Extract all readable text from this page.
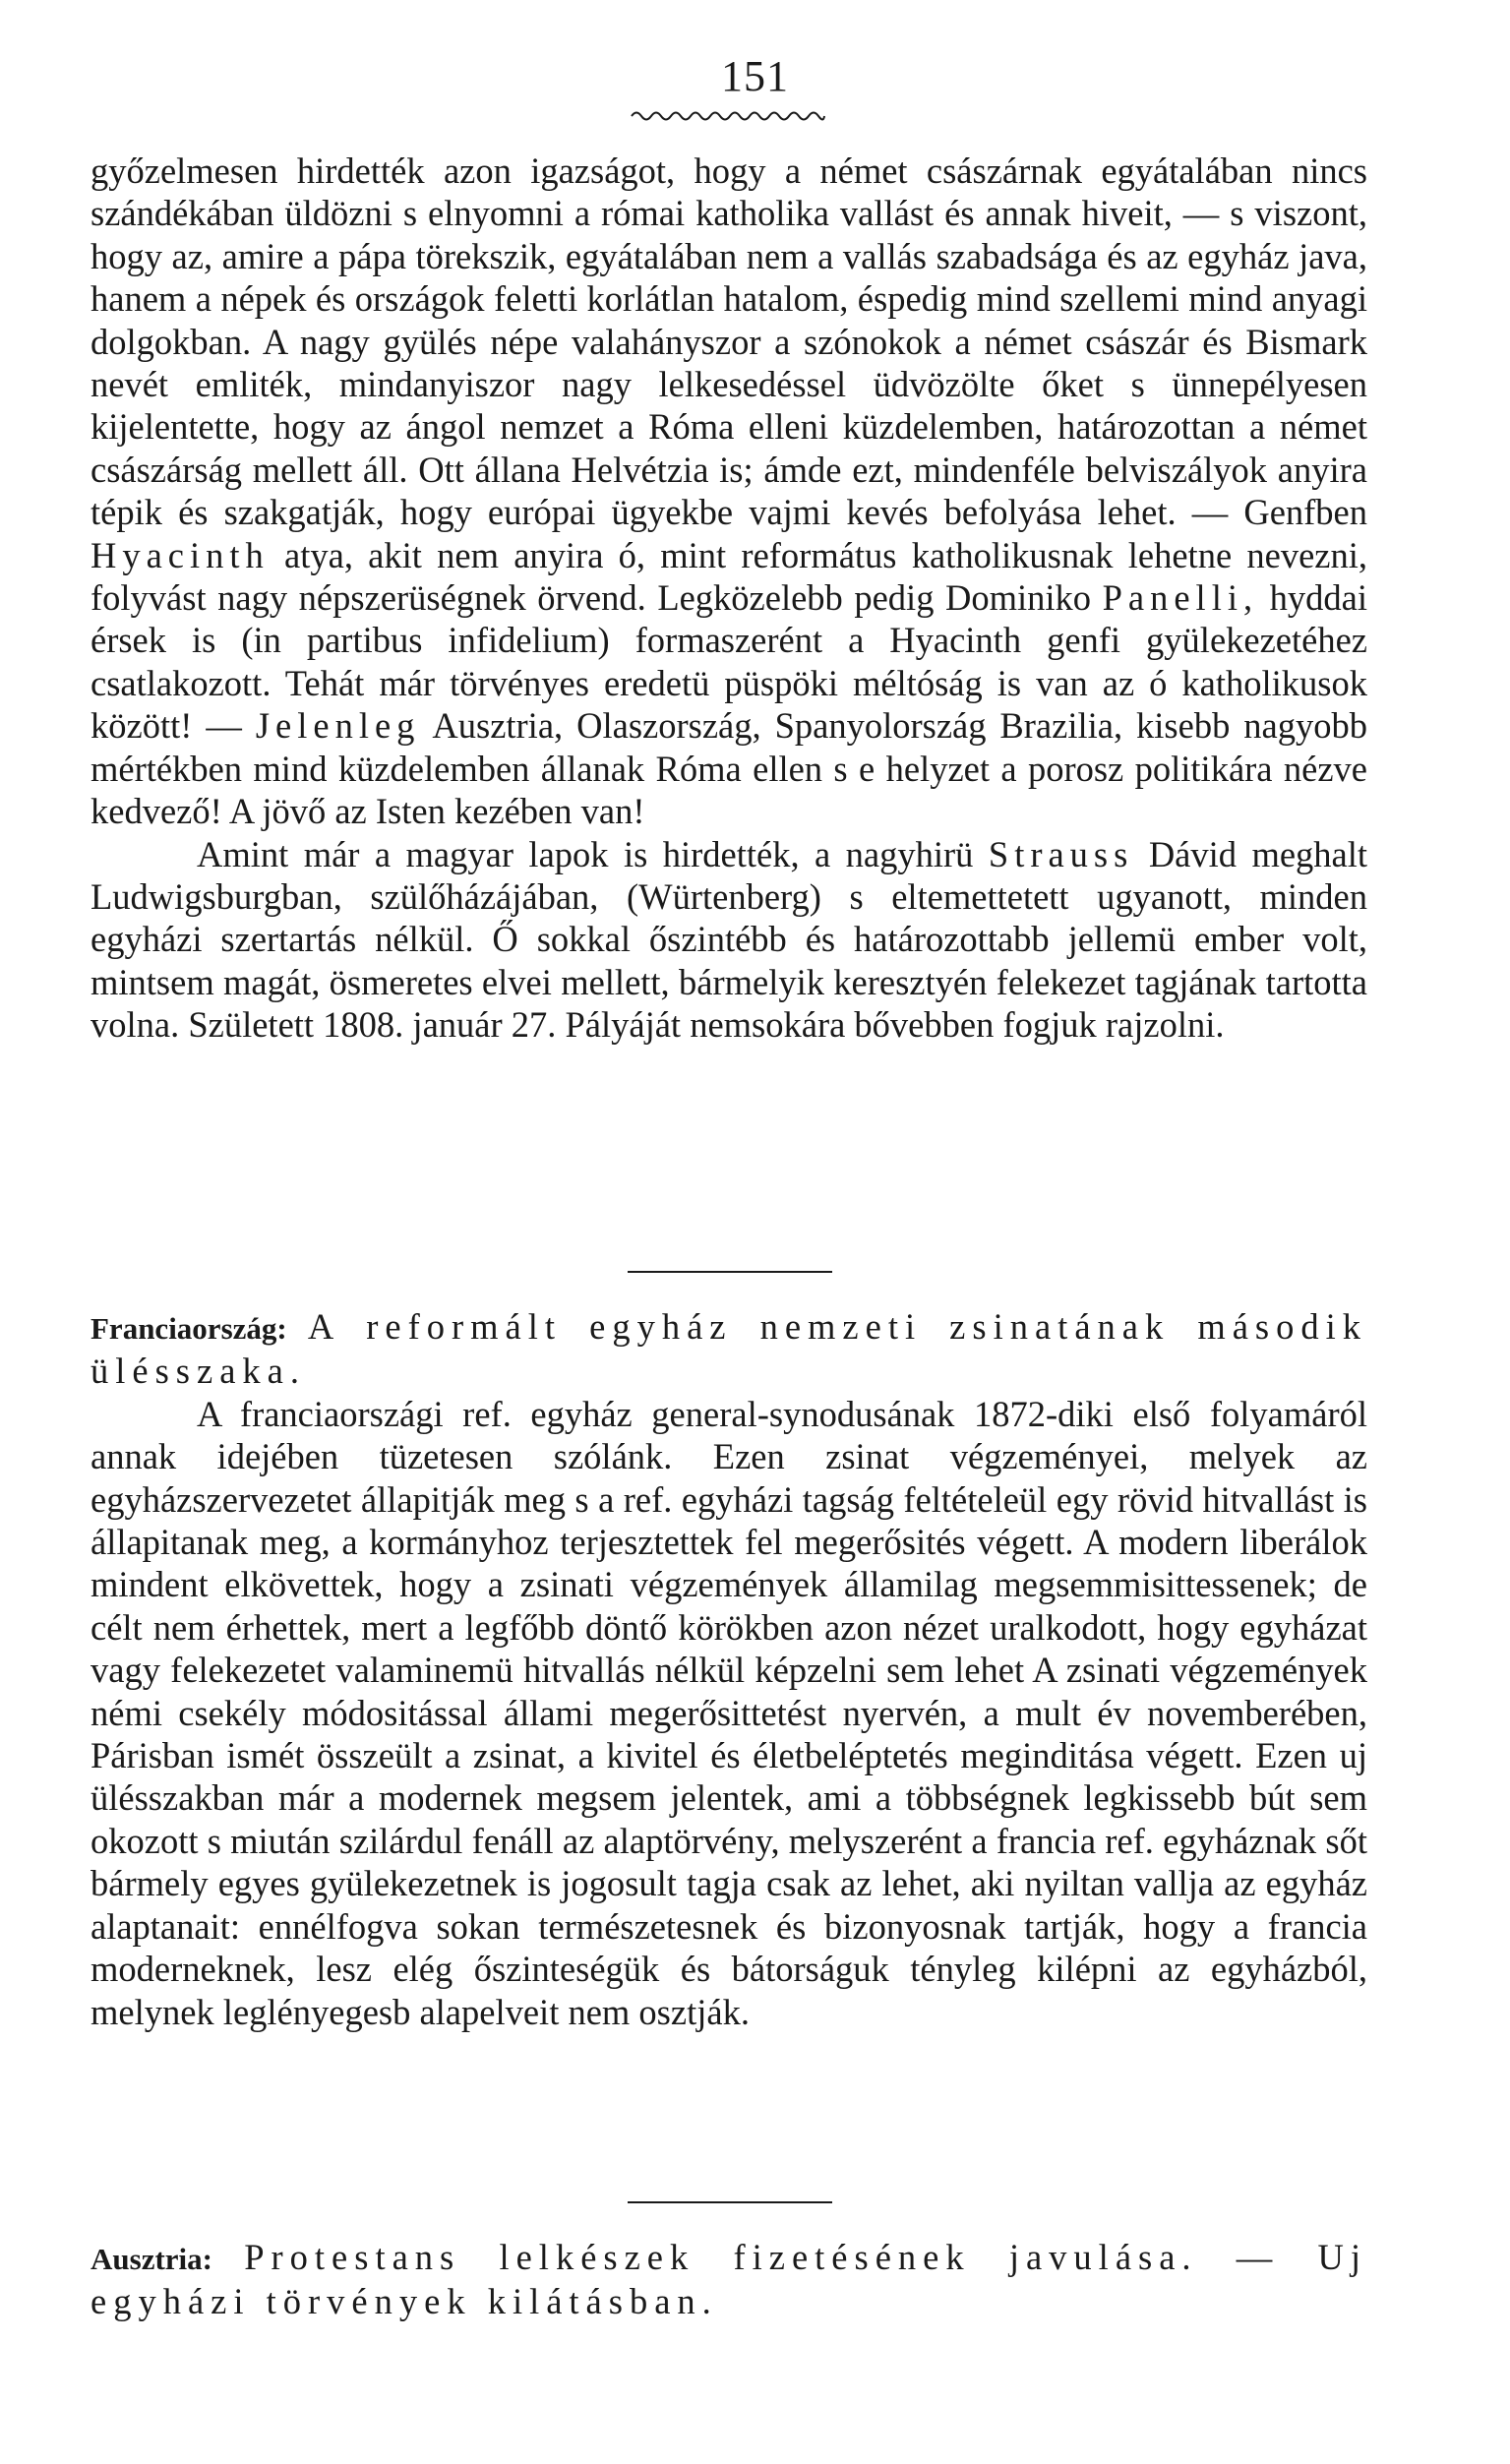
151

győzelmesen hirdették azon igazságot, hogy a német császárnak egyátalában nincs szándékában üldözni s elnyomni a római katholika vallást és annak hiveit, — s viszont, hogy az, amire a pápa törekszik, egyátalában nem a vallás szabadsága és az egyház java, hanem a népek és országok feletti korlátlan hatalom, éspedig mind szellemi mind anyagi dolgokban. A nagy gyülés népe valahányszor a szónokok a német császár és Bismark nevét emliték, mindanyiszor nagy lelkesedéssel üdvözölte őket s ünnepélyesen kijelentette, hogy az ángol nemzet a Róma elleni küzdelemben, határozottan a német császárság mellett áll. Ott állana Helvétzia is; ámde ezt, mindenféle belviszályok anyira tépik és szakgatják, hogy európai ügyekbe vajmi kevés befolyása lehet. — Genfben Hyacinth atya, akit nem anyira ó, mint református katholikusnak lehetne nevezni, folyvást nagy népszerüségnek örvend. Legközelebb pedig Dominiko Panelli, hyddai érsek is (in partibus infidelium) formaszerént a Hyacinth genfi gyülekezetéhez csatlakozott. Tehát már törvényes eredetü püspöki méltóság is van az ó katholikusok között! — Jelenleg Ausztria, Olaszország, Spanyolország Brazilia, kisebb nagyobb mértékben mind küzdelemben állanak Róma ellen s e helyzet a porosz politikára nézve kedvező! A jövő az Isten kezében van!

Amint már a magyar lapok is hirdették, a nagyhirü Strauss Dávid meghalt Ludwigsburgban, szülőházájában, (Würtenberg) s eltemettetett ugyanott, minden egyházi szertartás nélkül. Ő sokkal őszintébb és határozottabb jellemü ember volt, mintsem magát, ösmeretes elvei mellett, bármelyik keresztyén felekezet tagjának tartotta volna. Született 1808. január 27. Pályáját nemsokára bővebben fogjuk rajzolni.

Franciaország: A reformált egyház nemzeti zsinatának második ülésszaka.

A franciaországi ref. egyház general-synodusának 1872-diki első folyamáról annak idejében tüzetesen szólánk. Ezen zsinat végzeményei, melyek az egyházszervezetet állapitják meg s a ref. egyházi tagság feltételeül egy rövid hitvallást is állapitanak meg, a kormányhoz terjesztettek fel megerősités végett. A modern liberálok mindent elkövettek, hogy a zsinati végzemények államilag megsemmisittessenek; de célt nem érhettek, mert a legfőbb döntő körökben azon nézet uralkodott, hogy egyházat vagy felekezetet valaminemü hitvallás nélkül képzelni sem lehet A zsinati végzemények némi csekély módositással állami megerősittetést nyervén, a mult év novemberében, Párisban ismét összeült a zsinat, a kivitel és életbeléptetés meginditása végett. Ezen uj ülésszakban már a modernek megsem jelentek, ami a többségnek legkissebb bút sem okozott s miután szilárdul fenáll az alaptörvény, melyszerént a francia ref. egyháznak sőt bármely egyes gyülekezetnek is jogosult tagja csak az lehet, aki nyiltan vallja az egyház alaptanait: ennélfogva sokan természetesnek és bizonyosnak tartják, hogy a francia moderneknek, lesz elég őszinteségük és bátorságuk tényleg kilépni az egyházból, melynek leglényegesb alapelveit nem osztják.

Ausztria: Protestans lelkészek fizetésének javulása. — Uj egyházi törvények kilátásban.
